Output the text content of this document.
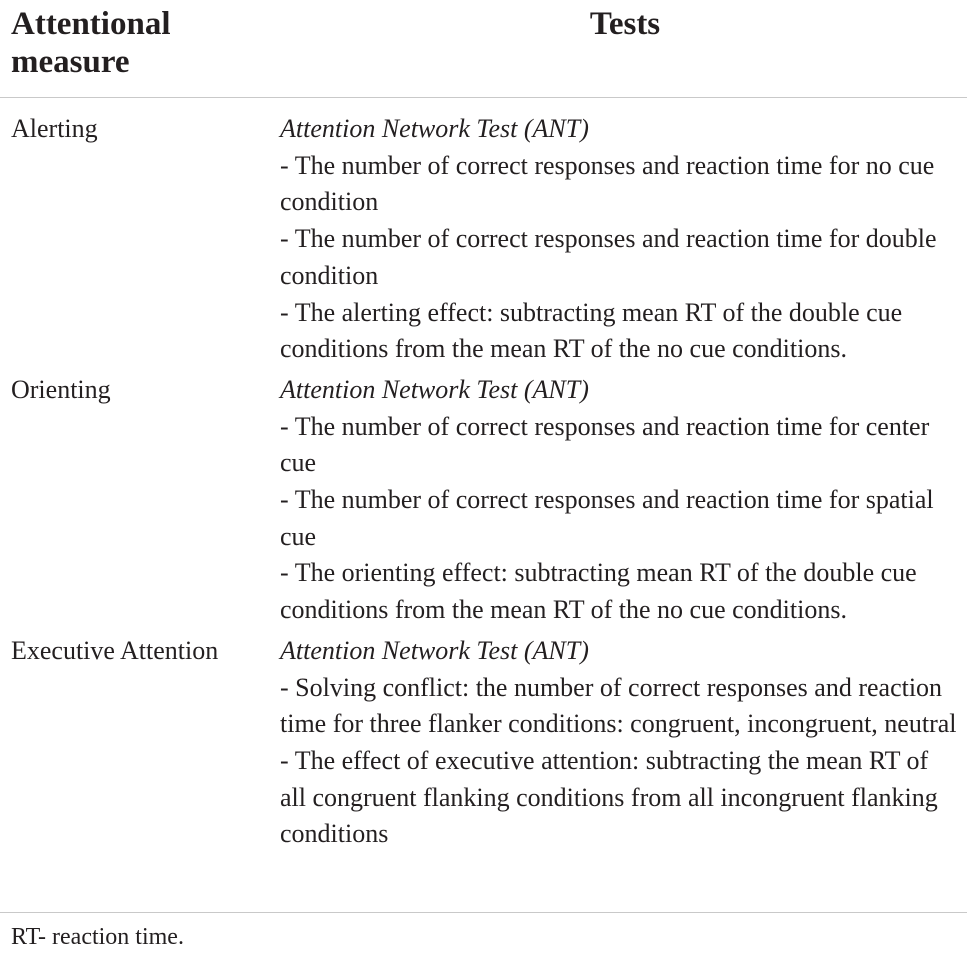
Attentional measure
Tests
Alerting	Attention Network Test (ANT)
- The number of correct responses and reaction time for no cue condition
- The number of correct responses and reaction time for double condition
- The alerting effect: subtracting mean RT of the double cue conditions from the mean RT of the no cue conditions.
Orienting	Attention Network Test (ANT)
- The number of correct responses and reaction time for center cue
- The number of correct responses and reaction time for spatial cue
- The orienting effect: subtracting mean RT of the double cue conditions from the mean RT of the no cue conditions.
Executive Attention	Attention Network Test (ANT)
- Solving conflict: the number of correct responses and reaction time for three flanker conditions: congruent, incongruent, neutral
- The effect of executive attention: subtracting the mean RT of all congruent flanking conditions from all incongruent flanking conditions
RT- reaction time.
